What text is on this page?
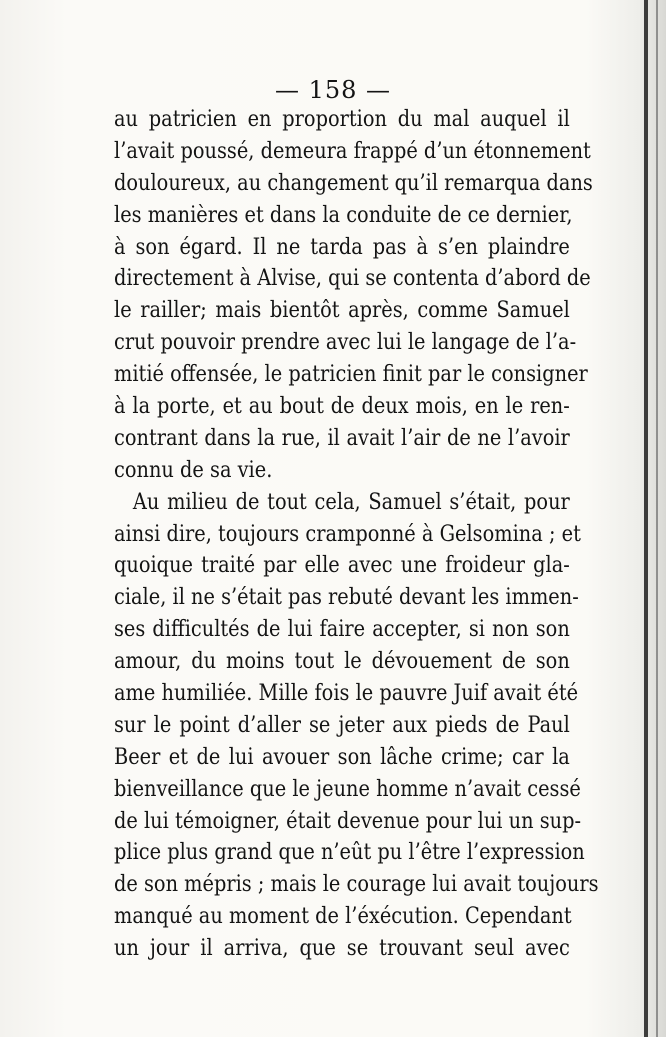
— 158 —
au patricien en proportion du mal auquel il
l’avait poussé, demeura frappé d’un étonnement
douloureux, au changement qu’il remarqua dans
les manières et dans la conduite de ce dernier,
à son égard. Il ne tarda pas à s’en plaindre
directement à Alvise, qui se contenta d’abord de
le railler; mais bientôt après, comme Samuel
crut pouvoir prendre avec lui le langage de l’a-
mitié offensée, le patricien finit par le consigner
à la porte, et au bout de deux mois, en le ren-
contrant dans la rue, il avait l’air de ne l’avoir
connu de sa vie.
Au milieu de tout cela, Samuel s’était, pour
ainsi dire, toujours cramponné à Gelsomina ; et
quoique traité par elle avec une froideur gla-
ciale, il ne s’était pas rebuté devant les immen-
ses difficultés de lui faire accepter, si non son
amour, du moins tout le dévouement de son
ame humiliée. Mille fois le pauvre Juif avait été
sur le point d’aller se jeter aux pieds de Paul
Beer et de lui avouer son lâche crime; car la
bienveillance que le jeune homme n’avait cessé
de lui témoigner, était devenue pour lui un sup-
plice plus grand que n’eût pu l’être l’expression
de son mépris ; mais le courage lui avait toujours
manqué au moment de l’éxécution. Cependant
un jour il arriva, que se trouvant seul avec
